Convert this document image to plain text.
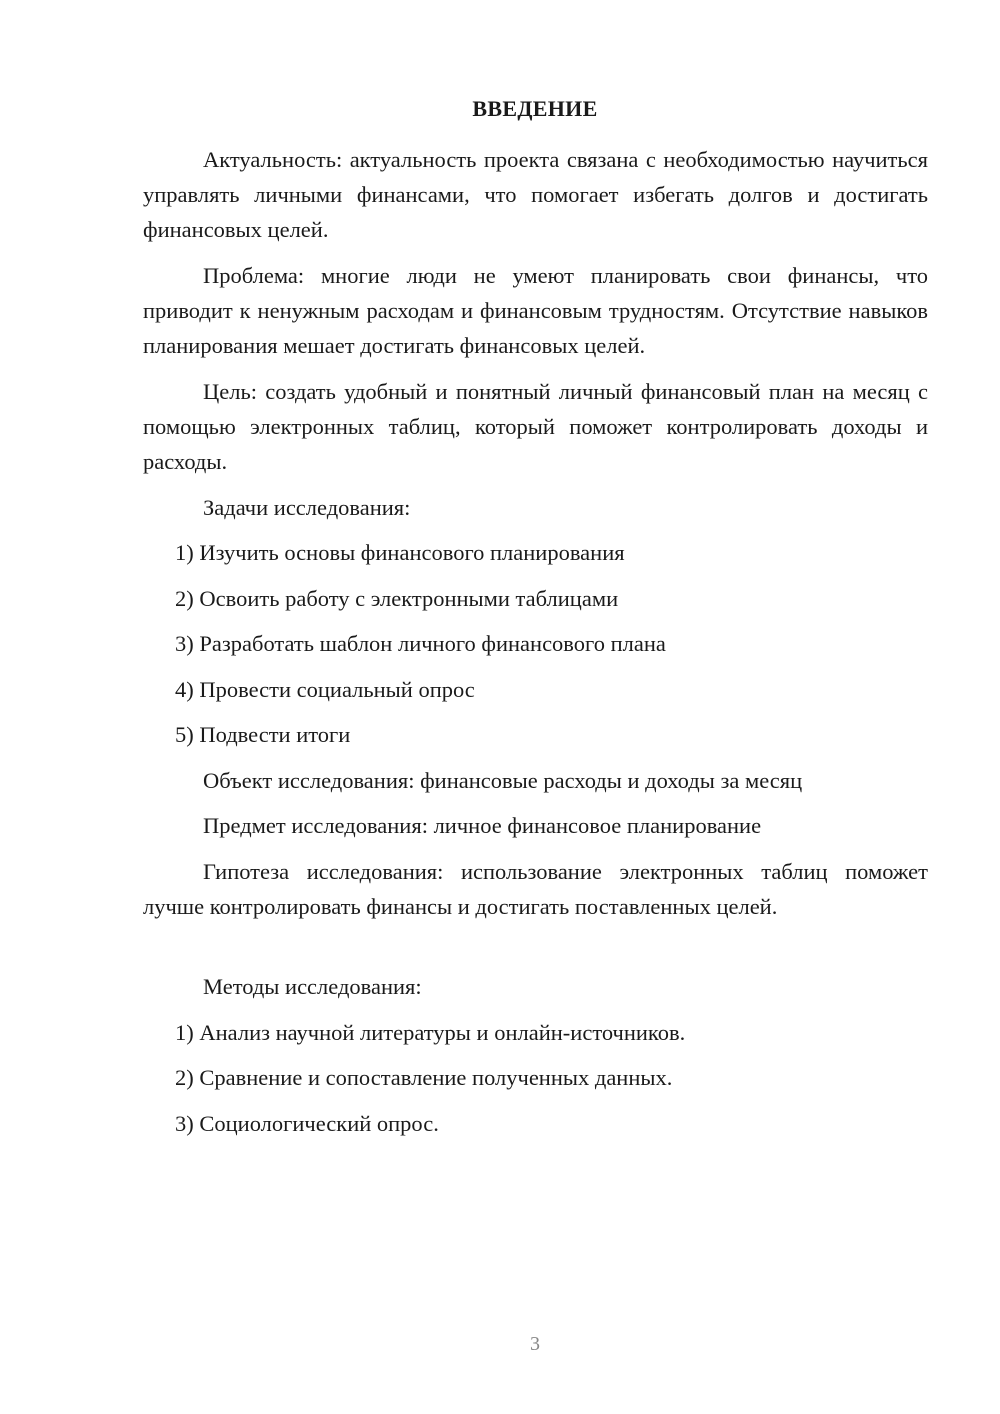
ВВЕДЕНИЕ

Актуальность: актуальность проекта связана с необходимостью научиться управлять личными финансами, что помогает избегать долгов и достигать финансовых целей.

Проблема: многие люди не умеют планировать свои финансы, что приводит к ненужным расходам и финансовым трудностям. Отсутствие навыков планирования мешает достигать финансовых целей.

Цель: создать удобный и понятный личный финансовый план на месяц с помощью электронных таблиц, который поможет контролировать доходы и расходы.

Задачи исследования:
1) Изучить основы финансового планирования
2) Освоить работу с электронными таблицами
3) Разработать шаблон личного финансового плана
4) Провести социальный опрос
5) Подвести итоги
Объект исследования: финансовые расходы и доходы за месяц
Предмет исследования: личное финансовое планирование

Гипотеза исследования: использование электронных таблиц поможет лучше контролировать финансы и достигать поставленных целей.

Методы исследования:
1) Анализ научной литературы и онлайн-источников.
2) Сравнение и сопоставление полученных данных.
3) Социологический опрос.
3
